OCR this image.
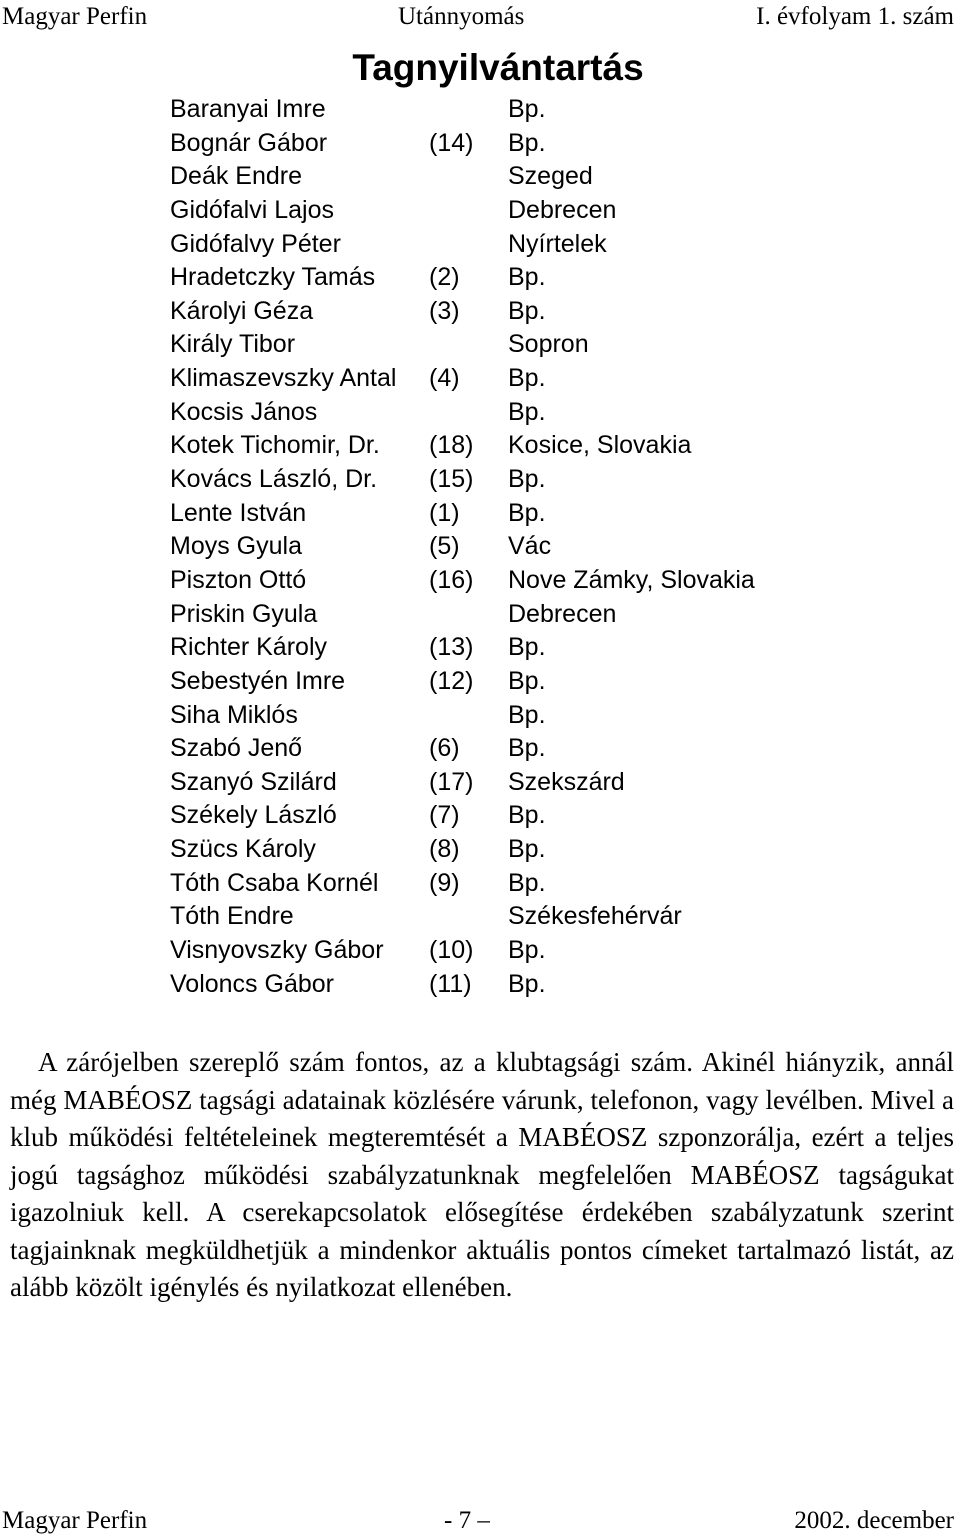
Magyar Perfin	Utánnyomás	I. évfolyam 1. szám
Tagnyilvántartás
Baranyai Imre	Bp.
Bognár Gábor	(14) Bp.
Deák Endre	Szeged
Gidófalvi Lajos	Debrecen
Gidófalvy Péter	Nyírtelek
Hradetczky Tamás (2) Bp.
Károlyi Géza	(3) Bp.
Király Tibor	Sopron
Klimaszevszky Antal (4) Bp.
Kocsis János	Bp.
Kotek Tichomir, Dr. (18) Kosice, Slovakia
Kovács László, Dr. (15) Bp.
Lente István	(1) Bp.
Moys Gyula	(5) Vác
Piszton Ottó	(16) Nove Zámky, Slovakia
Priskin Gyula	Debrecen
Richter Károly	(13) Bp.
Sebestyén Imre	(12) Bp.
Siha Miklós	Bp.
Szabó Jenő	(6) Bp.
Szanyó Szilárd	(17) Szekszárd
Székely László	(7) Bp.
Szücs Károly	(8) Bp.
Tóth Csaba Kornél (9) Bp.
Tóth Endre	Székesfehérvár
Visnyovszky Gábor (10) Bp.
Voloncs Gábor	(11) Bp.

A zárójelben szereplő szám fontos, az a klubtagsági szám. Akinél hiányzik, annál még MABÉOSZ tagsági adatainak közlésére várunk, telefonon, vagy levélben. Mivel a klub működési feltételeinek megteremtését a MABÉOSZ szponzorálja, ezért a teljes jogú tagsághoz működési szabályzatunknak megfelelően MABÉOSZ tagságukat igazolniuk kell. A cserekapcsolatok elősegítése érdekében szabályzatunk szerint tagjainknak megküldhetjük a mindenkor aktuális pontos címeket tartalmazó listát, az alább közölt igénylés és nyilatkozat ellenében.

Magyar Perfin	- 7 –	2002. december
